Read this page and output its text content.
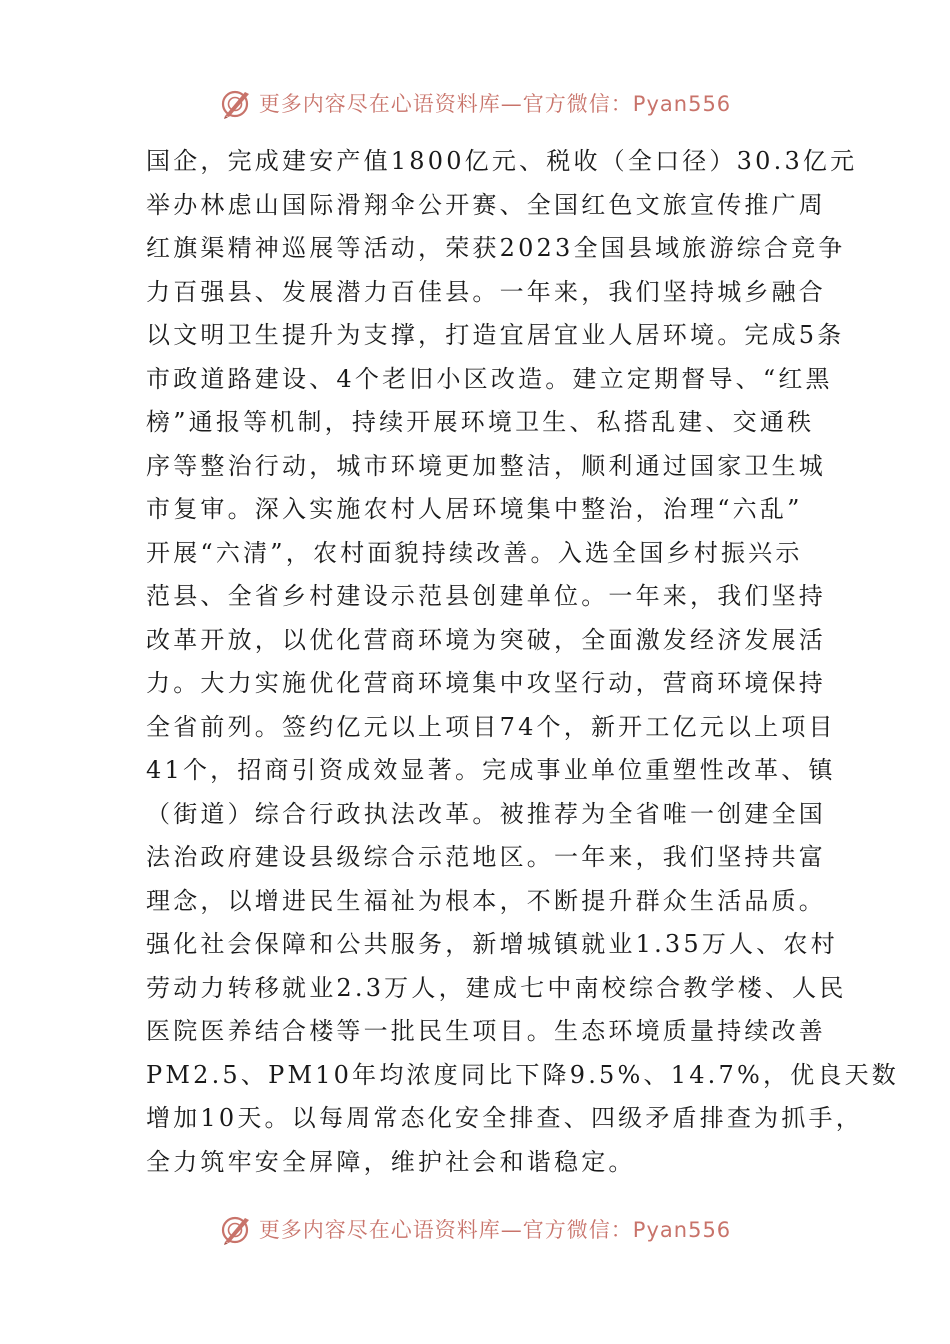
更多内容尽在心语资料库—官方微信：Pyan556
国企，完成建安产值1800亿元、税收（全口径）30.3亿元
举办林虑山国际滑翔伞公开赛、全国红色文旅宣传推广周
红旗渠精神巡展等活动，荣获2023全国县域旅游综合竞争
力百强县、发展潜力百佳县。一年来，我们坚持城乡融合
以文明卫生提升为支撑，打造宜居宜业人居环境。完成5条
市政道路建设、4个老旧小区改造。建立定期督导、“红黑
榜”通报等机制，持续开展环境卫生、私搭乱建、交通秩
序等整治行动，城市环境更加整洁，顺利通过国家卫生城
市复审。深入实施农村人居环境集中整治，治理“六乱”
开展“六清”，农村面貌持续改善。入选全国乡村振兴示
范县、全省乡村建设示范县创建单位。一年来，我们坚持
改革开放，以优化营商环境为突破，全面激发经济发展活
力。大力实施优化营商环境集中攻坚行动，营商环境保持
全省前列。签约亿元以上项目74个，新开工亿元以上项目
41个，招商引资成效显著。完成事业单位重塑性改革、镇
（街道）综合行政执法改革。被推荐为全省唯一创建全国
法治政府建设县级综合示范地区。一年来，我们坚持共富
理念，以增进民生福祉为根本，不断提升群众生活品质。
强化社会保障和公共服务，新增城镇就业1.35万人、农村
劳动力转移就业2.3万人，建成七中南校综合教学楼、人民
医院医养结合楼等一批民生项目。生态环境质量持续改善
PM2.5、PM10年均浓度同比下降9.5%、14.7%，优良天数
增加10天。以每周常态化安全排查、四级矛盾排查为抓手，
全力筑牢安全屏障，维护社会和谐稳定。
更多内容尽在心语资料库—官方微信：Pyan556
